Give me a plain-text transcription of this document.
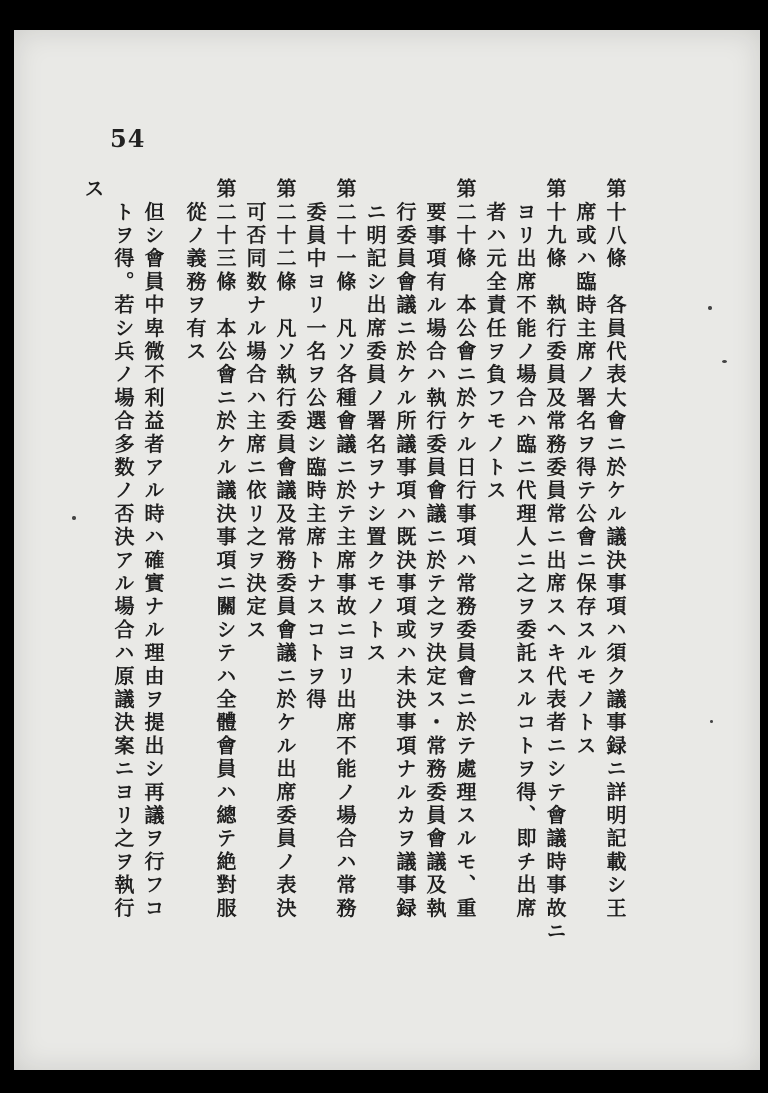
54
第十八條　各員代表大會ニ於ケル議決事項ハ須ク議事録ニ詳明記載シ王
　席或ハ臨時主席ノ署名ヲ得テ公會ニ保存スルモノトス
第十九條　執行委員及常務委員常ニ出席スヘキ代表者ニシテ會議時事故ニ
　ヨリ出席不能ノ場合ハ臨ニ代理人ニ之ヲ委託スルコトヲ得、即チ出席
　者ハ元全責任ヲ負フモノトス
第二十條　本公會ニ於ケル日行事項ハ常務委員會ニ於テ處理スルモ、重
　要事項有ル場合ハ執行委員會議ニ於テ之ヲ決定ス・常務委員會議及執
　行委員會議ニ於ケル所議事項ハ既決事項或ハ未決事項ナルカヲ議事録
　ニ明記シ出席委員ノ署名ヲナシ置クモノトス
第二十一條　凡ソ各種會議ニ於テ主席事故ニヨリ出席不能ノ場合ハ常務
　委員中ヨリ一名ヲ公選シ臨時主席トナスコトヲ得
第二十二條　凡ソ執行委員會議及常務委員會議ニ於ケル出席委員ノ表決
　可否同数ナル場合ハ主席ニ依リ之ヲ決定ス
第二十三條　本公會ニ於ケル議決事項ニ關シテハ全體會員ハ總テ絶對服
　從ノ義務ヲ有ス
　但シ會員中卑微不利益者アル時ハ確實ナル理由ヲ提出シ再議ヲ行フコ
　トヲ得。若シ兵ノ場合多数ノ否決アル場合ハ原議決案ニヨリ之ヲ執行
ス
